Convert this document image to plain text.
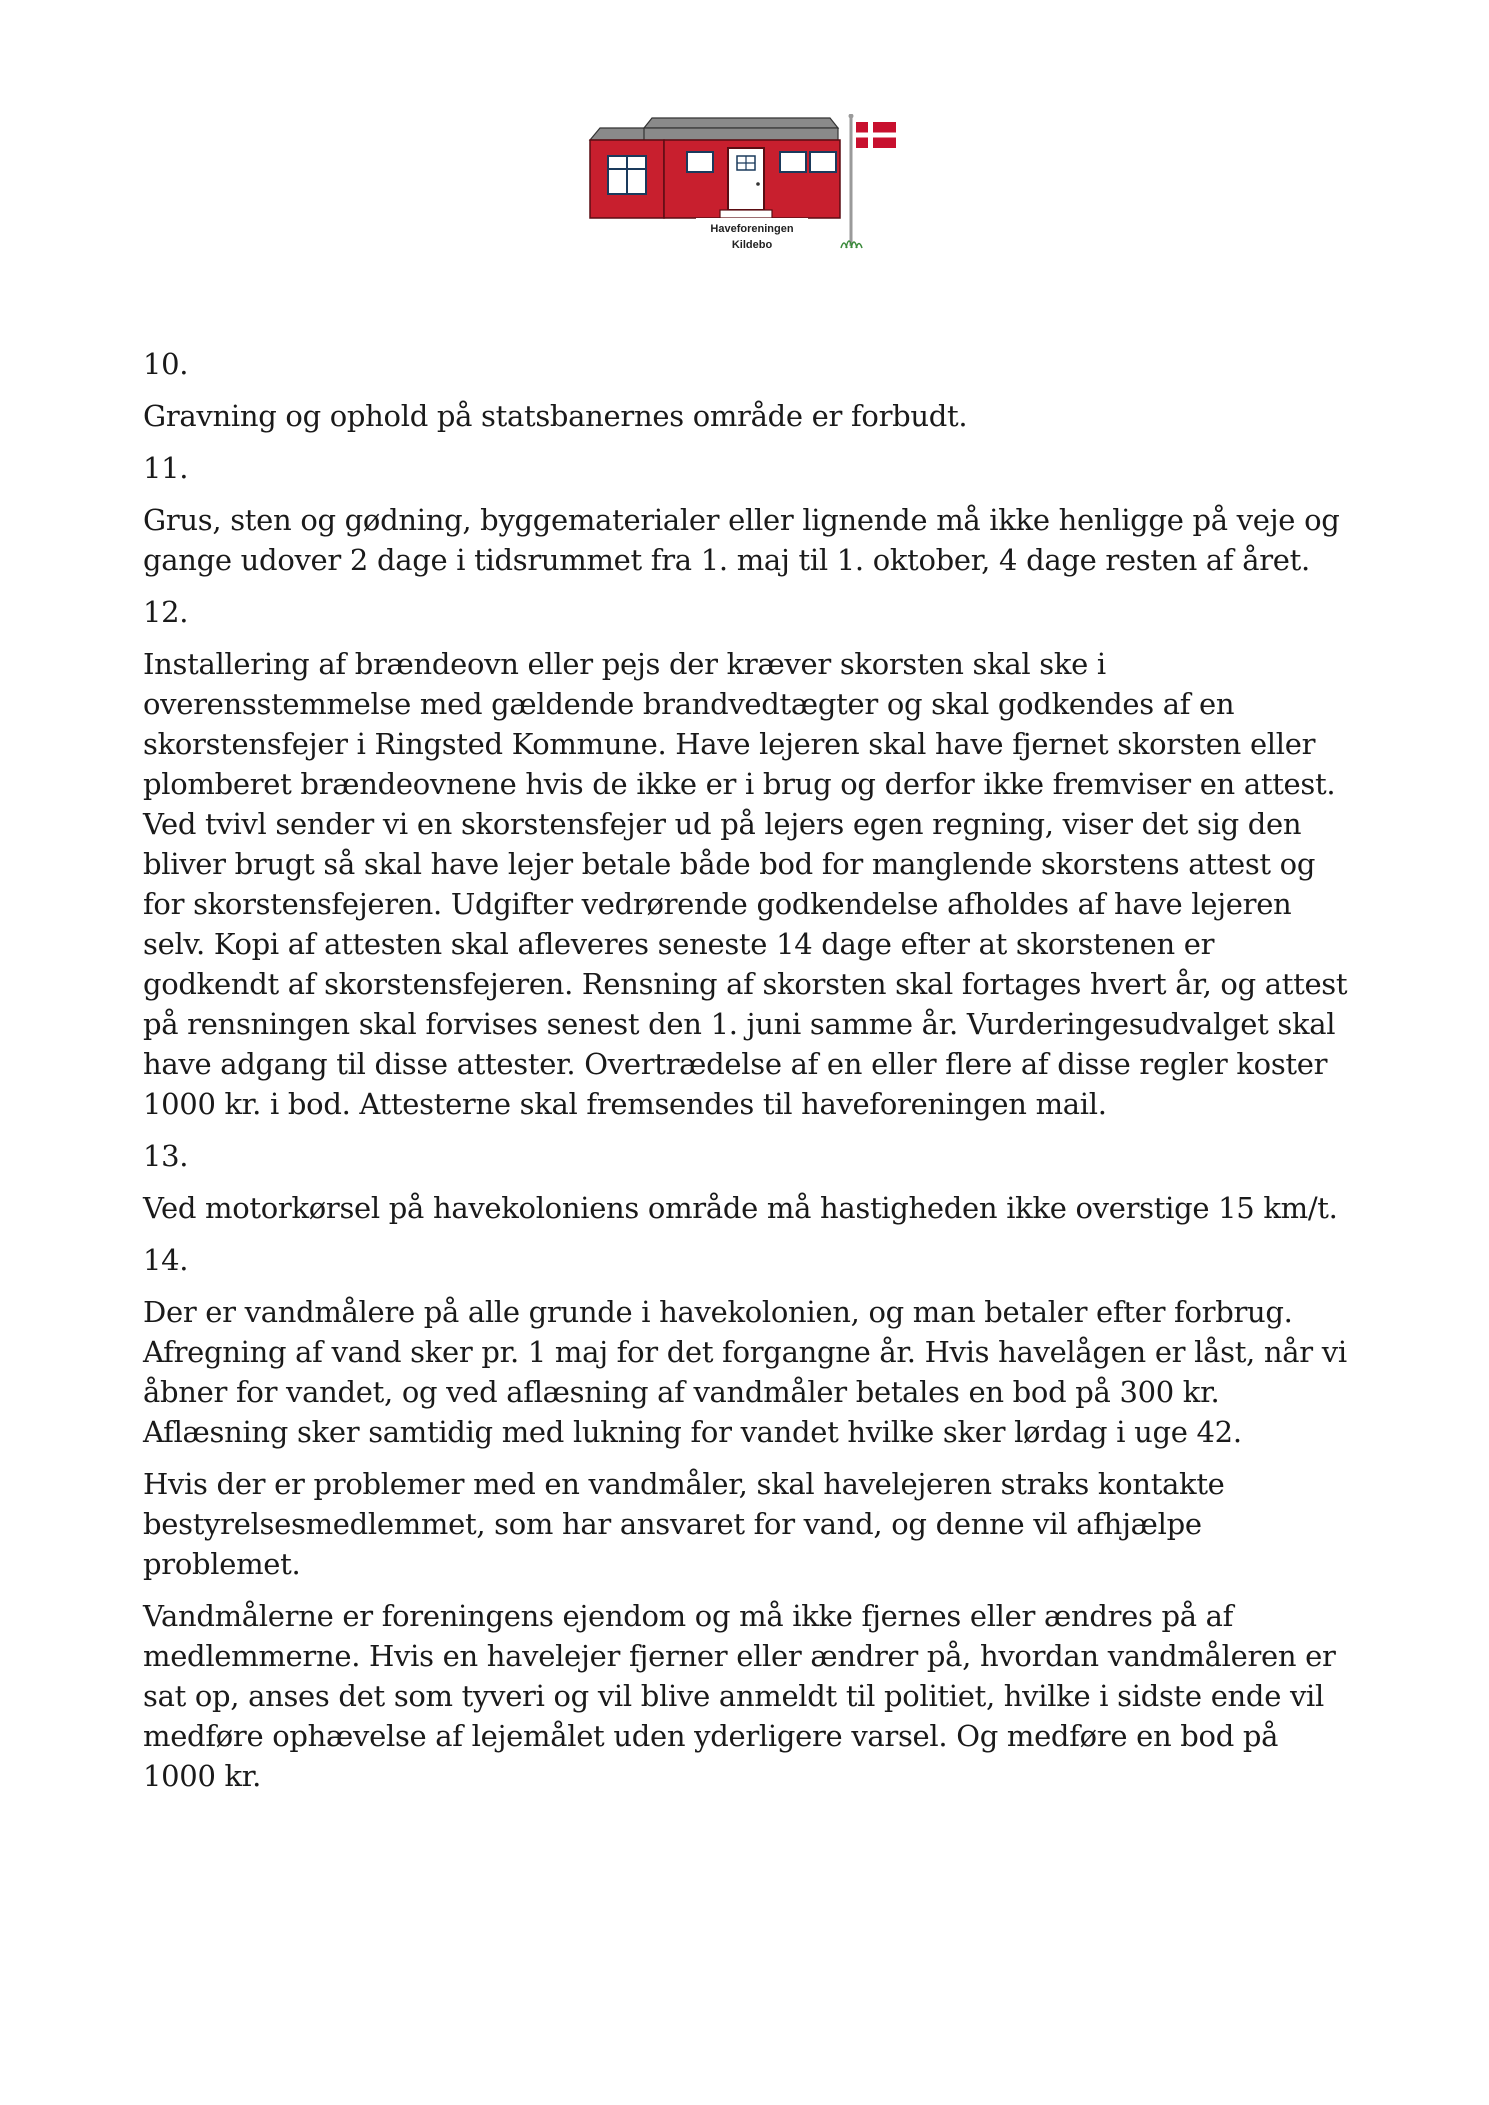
Haveforeningen
Kildebo

10.

Gravning og ophold på statsbanernes område er forbudt.

11.

Grus, sten og gødning, byggematerialer eller lignende må ikke henligge på veje og gange udover 2 dage i tidsrummet fra 1. maj til 1. oktober, 4 dage resten af året.

12.

Installering af brændeovn eller pejs der kræver skorsten skal ske i overensstemmelse med gældende brandvedtægter og skal godkendes af en skorstensfejer i Ringsted Kommune. Have lejeren skal have fjernet skorsten eller plomberet brændeovnene hvis de ikke er i brug og derfor ikke fremviser en attest. Ved tvivl sender vi en skorstensfejer ud på lejers egen regning, viser det sig den bliver brugt så skal have lejer betale både bod for manglende skorstens attest og for skorstensfejeren. Udgifter vedrørende godkendelse afholdes af have lejeren selv. Kopi af attesten skal afleveres seneste 14 dage efter at skorstenen er godkendt af skorstensfejeren. Rensning af skorsten skal fortages hvert år, og attest på rensningen skal forvises senest den 1. juni samme år. Vurderingesudvalget skal have adgang til disse attester. Overtrædelse af en eller flere af disse regler koster 1000 kr. i bod. Attesterne skal fremsendes til haveforeningen mail.

13.

Ved motorkørsel på havekoloniens område må hastigheden ikke overstige 15 km/t.

14.

Der er vandmålere på alle grunde i havekolonien, og man betaler efter forbrug. Afregning af vand sker pr. 1 maj for det forgangne år. Hvis havelågen er låst, når vi åbner for vandet, og ved aflæsning af vandmåler betales en bod på 300 kr. Aflæsning sker samtidig med lukning for vandet hvilke sker lørdag i uge 42.

Hvis der er problemer med en vandmåler, skal havelejeren straks kontakte bestyrelsesmedlemmet, som har ansvaret for vand, og denne vil afhjælpe problemet.

Vandmålerne er foreningens ejendom og må ikke fjernes eller ændres på af medlemmerne. Hvis en havelejer fjerner eller ændrer på, hvordan vandmåleren er sat op, anses det som tyveri og vil blive anmeldt til politiet, hvilke i sidste ende vil medføre ophævelse af lejemålet uden yderligere varsel. Og medføre en bod på 1000 kr.
